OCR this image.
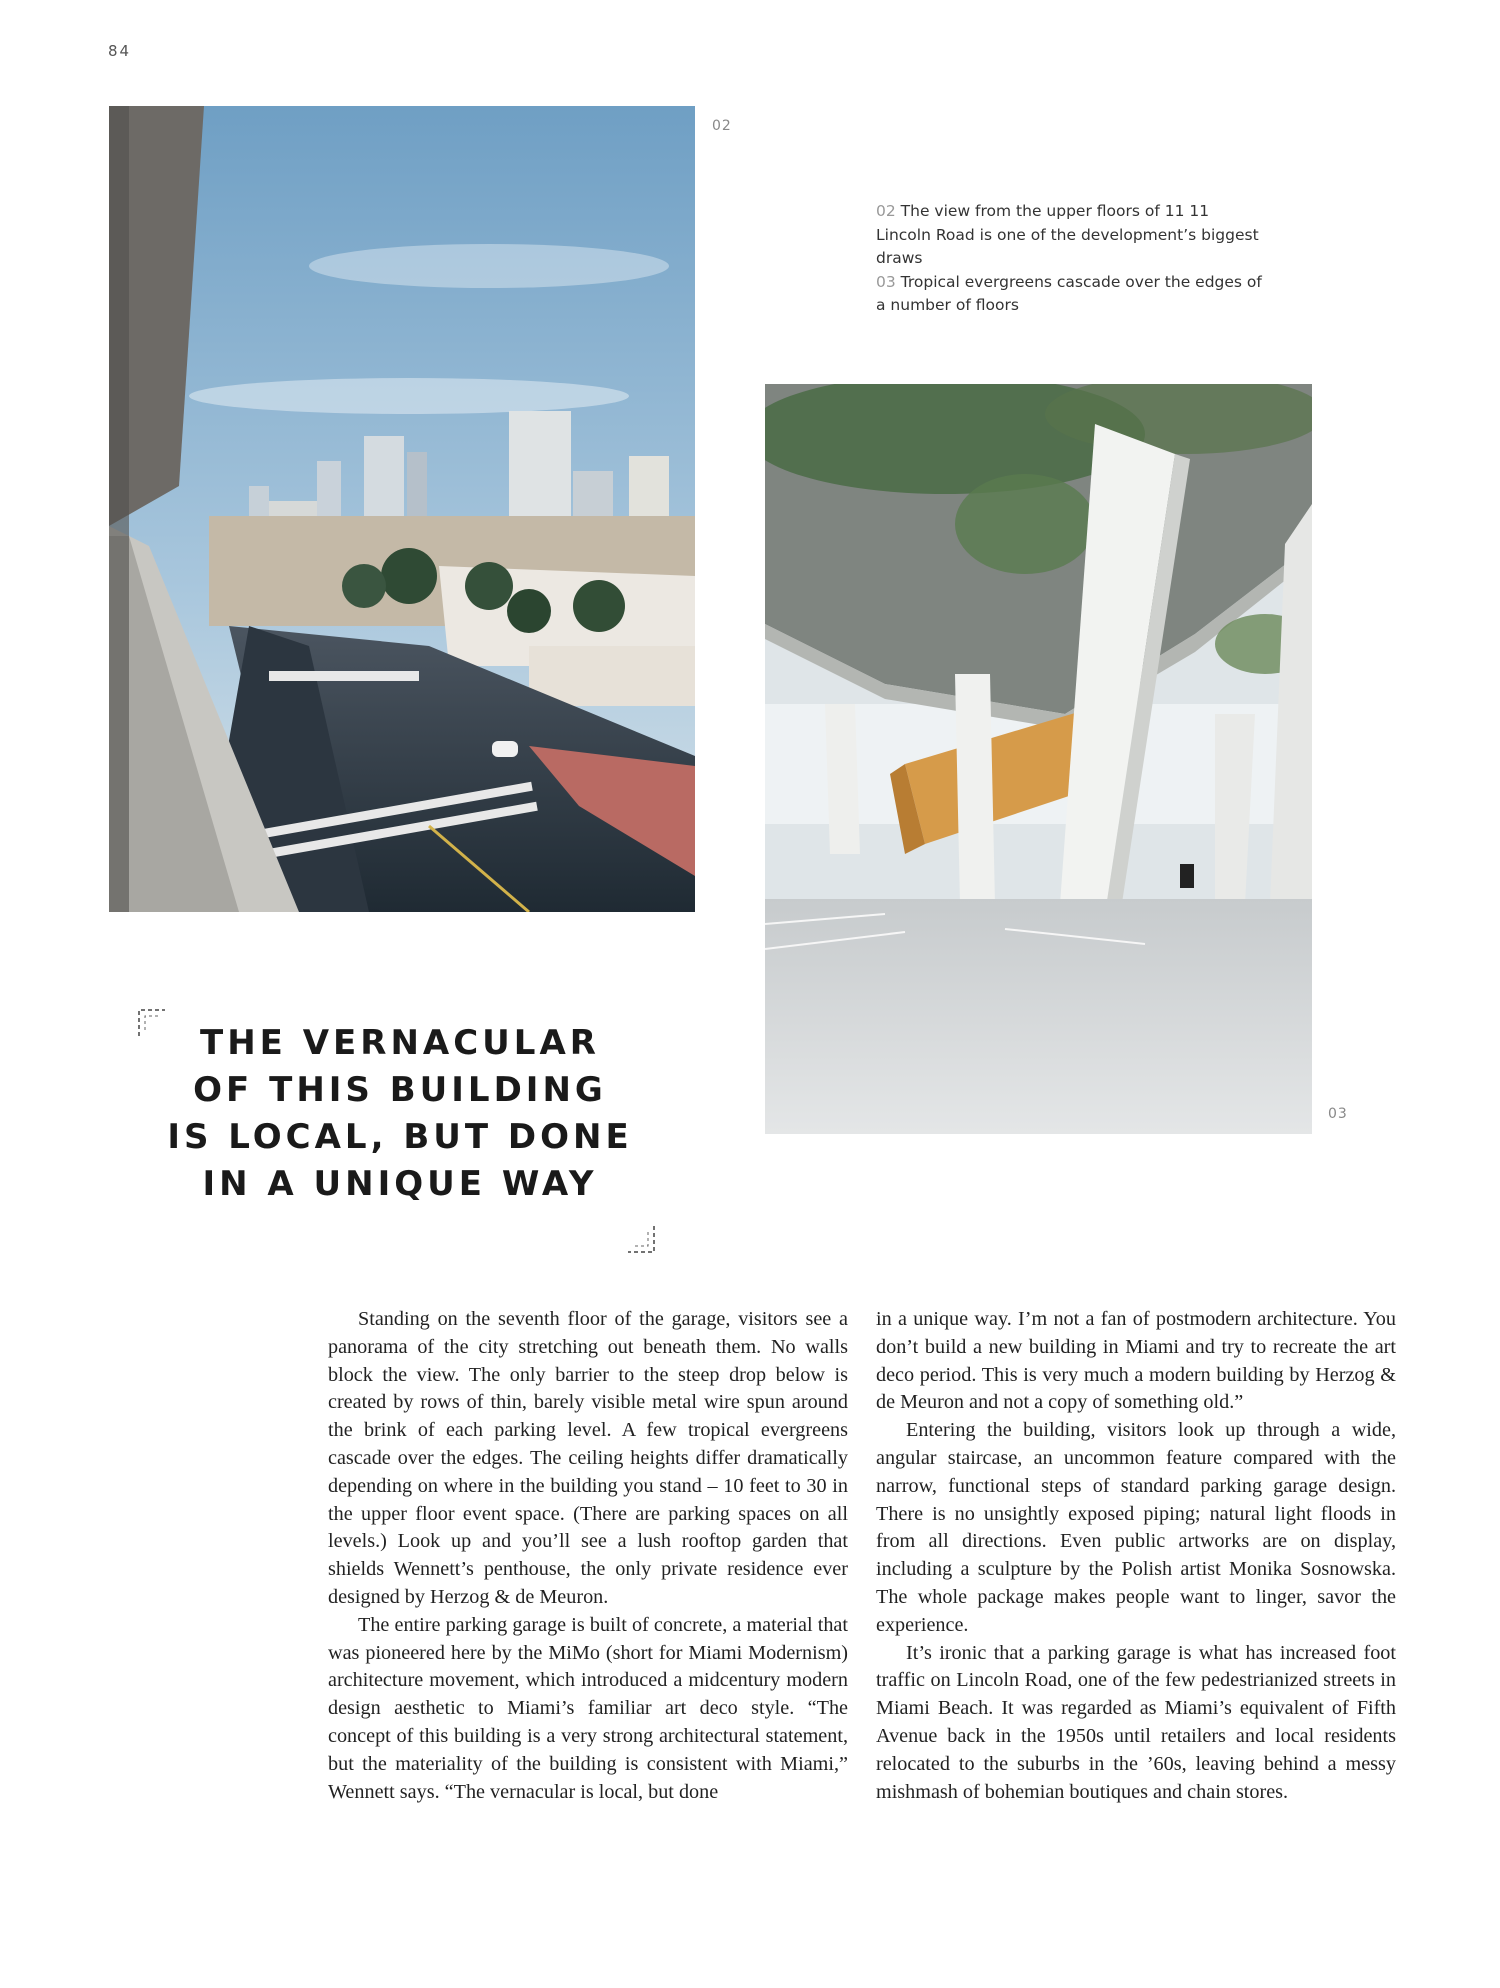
84
02

02 The view from the upper floors of 11 11 Lincoln Road is one of the development’s biggest draws

03 Tropical evergreens cascade over the edges of a number of floors

03
THE VERNACULAR
OF THIS BUILDING
IS LOCAL, BUT DONE
IN A UNIQUE WAY

Standing on the seventh floor of the garage, visitors see a panorama of the city stretching out beneath them. No walls block the view. The only barrier to the steep drop below is created by rows of thin, barely visible metal wire spun around the brink of each parking level. A few tropical evergreens cascade over the edges. The ceiling heights differ dramatically depending on where in the building you stand – 10 feet to 30 in the upper floor event space. (There are parking spaces on all levels.) Look up and you’ll see a lush rooftop garden that shields Wennett’s penthouse, the only private residence ever designed by Herzog & de Meuron.

The entire parking garage is built of concrete, a material that was pioneered here by the MiMo (short for Miami Modernism) architecture movement, which introduced a midcentury modern design aesthetic to Miami’s familiar art deco style. “The concept of this building is a very strong architectural statement, but the materiality of the building is consistent with Miami,” Wennett says. “The vernacular is local, but done

in a unique way. I’m not a fan of postmodern architecture. You don’t build a new building in Miami and try to recreate the art deco period. This is very much a modern building by Herzog & de Meuron and not a copy of something old.”

Entering the building, visitors look up through a wide, angular staircase, an uncommon feature compared with the narrow, functional steps of standard parking garage design. There is no unsightly exposed piping; natural light floods in from all directions. Even public artworks are on display, including a sculpture by the Polish artist Monika Sosnowska. The whole package makes people want to linger, savor the experience.

It’s ironic that a parking garage is what has increased foot traffic on Lincoln Road, one of the few pedestrianized streets in Miami Beach. It was regarded as Miami’s equivalent of Fifth Avenue back in the 1950s until retailers and local residents relocated to the suburbs in the ’60s, leaving behind a messy mishmash of bohemian boutiques and chain stores.
